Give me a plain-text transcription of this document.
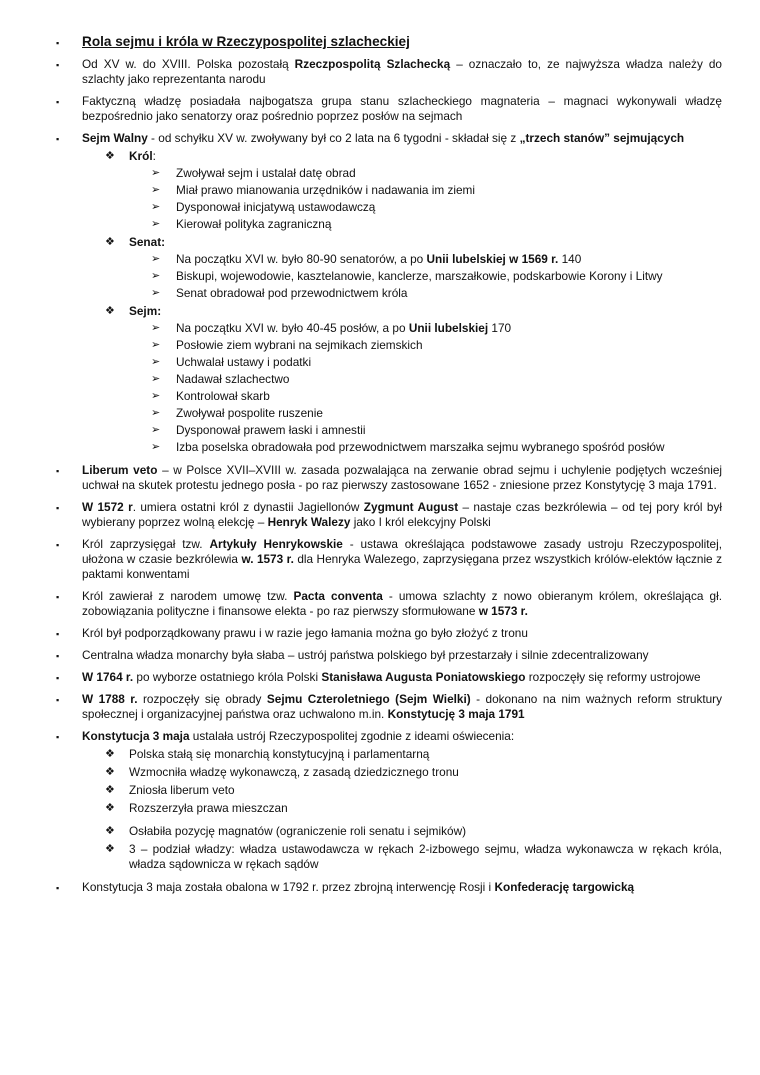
▪ Rola sejmu i króla w Rzeczypospolitej szlacheckiej
▪ Od XV w. do XVIII. Polska pozostałą Rzeczpospolitą Szlachecką – oznaczało to, ze najwyższa władza należy do szlachty jako reprezentanta narodu
▪ Faktyczną władzę posiadała najbogatsza grupa stanu szlacheckiego magnateria – magnaci wykonywali władzę bezpośrednio jako senatorzy oraz pośrednio poprzez posłów na sejmach
▪ Sejm Walny - od schyłku XV w. zwoływany był co 2 lata na 6 tygodni - składał się z „trzech stanów” sejmujących
❖ Król:
➢ Zwoływał sejm i ustalał datę obrad
➢ Miał prawo mianowania urzędników i nadawania im ziemi
➢ Dysponował inicjatywą ustawodawczą
➢ Kierował polityka zagraniczną
❖ Senat:
➢ Na początku XVI w. było 80-90 senatorów, a po Unii lubelskiej w 1569 r. 140
➢ Biskupi, wojewodowie, kasztelanowie, kanclerze, marszałkowie, podskarbowie Korony i Litwy
➢ Senat obradował pod przewodnictwem króla
❖ Sejm:
➢ Na początku XVI w. było 40-45 posłów, a po Unii lubelskiej 170
➢ Posłowie ziem wybrani na sejmikach ziemskich
➢ Uchwalał ustawy i podatki
➢ Nadawał szlachectwo
➢ Kontrolował skarb
➢ Zwoływał pospolite ruszenie
➢ Dysponował prawem łaski i amnestii
➢ Izba poselska obradowała pod przewodnictwem marszałka sejmu wybranego spośród posłów
▪ Liberum veto – w Polsce XVII–XVIII w. zasada pozwalająca na zerwanie obrad sejmu i uchylenie podjętych wcześniej uchwał na skutek protestu jednego posła - po raz pierwszy zastosowane 1652 - zniesione przez Konstytycję 3 maja 1791.
▪ W 1572 r. umiera ostatni król z dynastii Jagiellonów Zygmunt August – nastaje czas bezkrólewia – od tej pory król był wybierany poprzez wolną elekcję – Henryk Walezy jako I król elekcyjny Polski
▪ Król zaprzysięgał tzw. Artykuły Henrykowskie - ustawa określająca podstawowe zasady ustroju Rzeczypospolitej, ułożona w czasie bezkrólewia w. 1573 r. dla Henryka Walezego, zaprzysięgana przez wszystkich królów-elektów łącznie z paktami konwentami
▪ Król zawierał z narodem umowę tzw. Pacta conventa - umowa szlachty z nowo obieranym królem, określająca gł. zobowiązania polityczne i finansowe elekta - po raz pierwszy sformułowane w 1573 r.
▪ Król był podporządkowany prawu i w razie jego łamania można go było złożyć z tronu
▪ Centralna władza monarchy była słaba – ustrój państwa polskiego był przestarzały i silnie zdecentralizowany
▪ W 1764 r. po wyborze ostatniego króla Polski Stanisława Augusta Poniatowskiego rozpoczęły się reformy ustrojowe
▪ W 1788 r. rozpoczęły się obrady Sejmu Czteroletniego (Sejm Wielki) - dokonano na nim ważnych reform struktury społecznej i organizacyjnej państwa oraz uchwalono m.in. Konstytucję 3 maja 1791
▪ Konstytucja 3 maja ustalała ustrój Rzeczypospolitej zgodnie z ideami oświecenia:
❖ Polska stałą się monarchią konstytucyjną i parlamentarną
❖ Wzmocniła władzę wykonawczą, z zasadą dziedzicznego tronu
❖ Zniosła liberum veto
❖ Rozszerzyła prawa mieszczan
❖ Osłabiła pozycję magnatów (ograniczenie roli senatu i sejmików)
❖ 3 – podział władzy: władza ustawodawcza w rękach 2-izbowego sejmu, władza wykonawcza w rękach króla, władza sądownicza w rękach sądów
▪ Konstytucja 3 maja została obalona w 1792 r. przez zbrojną interwencję Rosji i Konfederację targowicką
